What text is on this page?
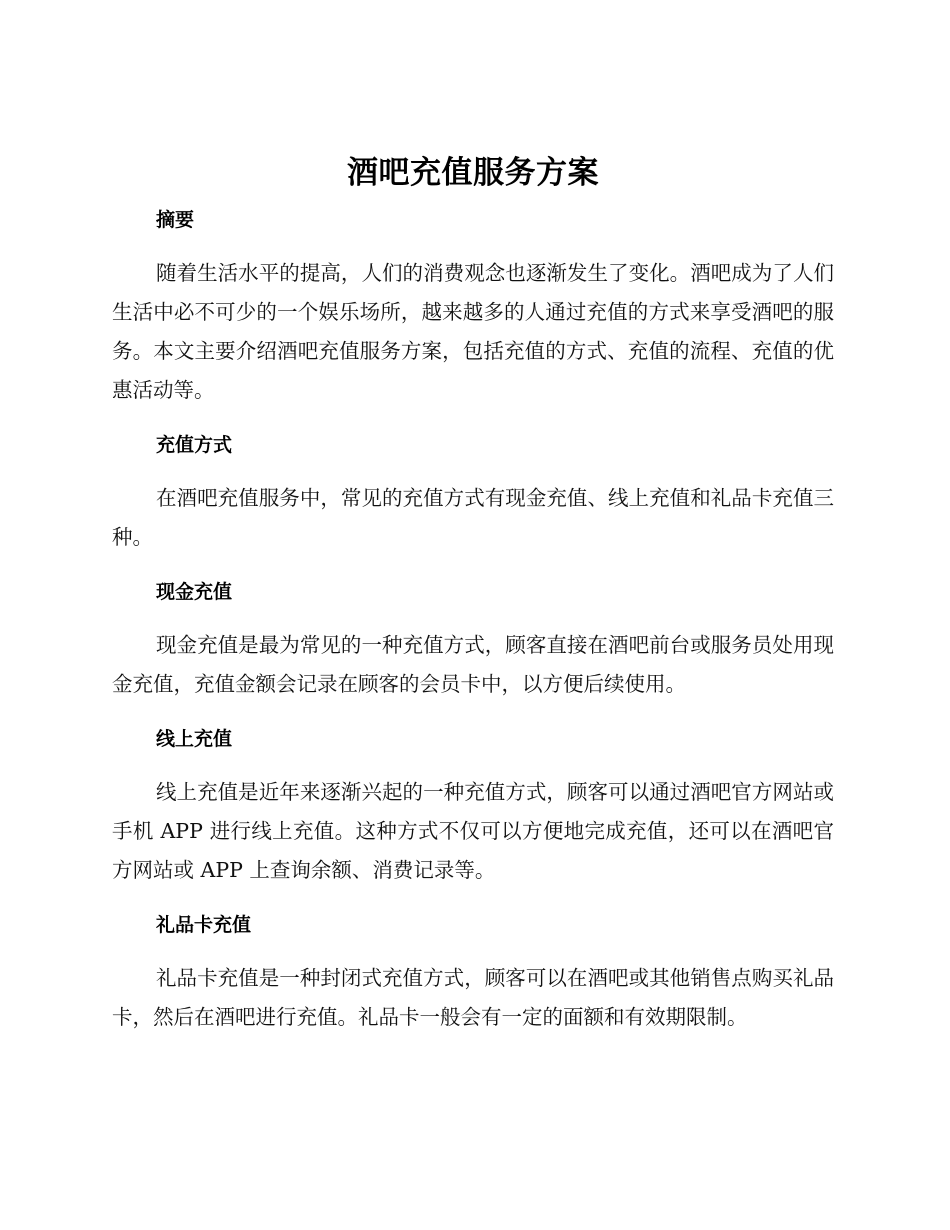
酒吧充值服务方案
摘要

随着生活水平的提高，人们的消费观念也逐渐发生了变化。酒吧成为了人们生活中必不可少的一个娱乐场所，越来越多的人通过充值的方式来享受酒吧的服务。本文主要介绍酒吧充值服务方案，包括充值的方式、充值的流程、充值的优惠活动等。

充值方式

在酒吧充值服务中，常见的充值方式有现金充值、线上充值和礼品卡充值三种。

现金充值

现金充值是最为常见的一种充值方式，顾客直接在酒吧前台或服务员处用现金充值，充值金额会记录在顾客的会员卡中，以方便后续使用。

线上充值

线上充值是近年来逐渐兴起的一种充值方式，顾客可以通过酒吧官方网站或手机 APP 进行线上充值。这种方式不仅可以方便地完成充值，还可以在酒吧官方网站或 APP 上查询余额、消费记录等。

礼品卡充值

礼品卡充值是一种封闭式充值方式，顾客可以在酒吧或其他销售点购买礼品卡，然后在酒吧进行充值。礼品卡一般会有一定的面额和有效期限制。
